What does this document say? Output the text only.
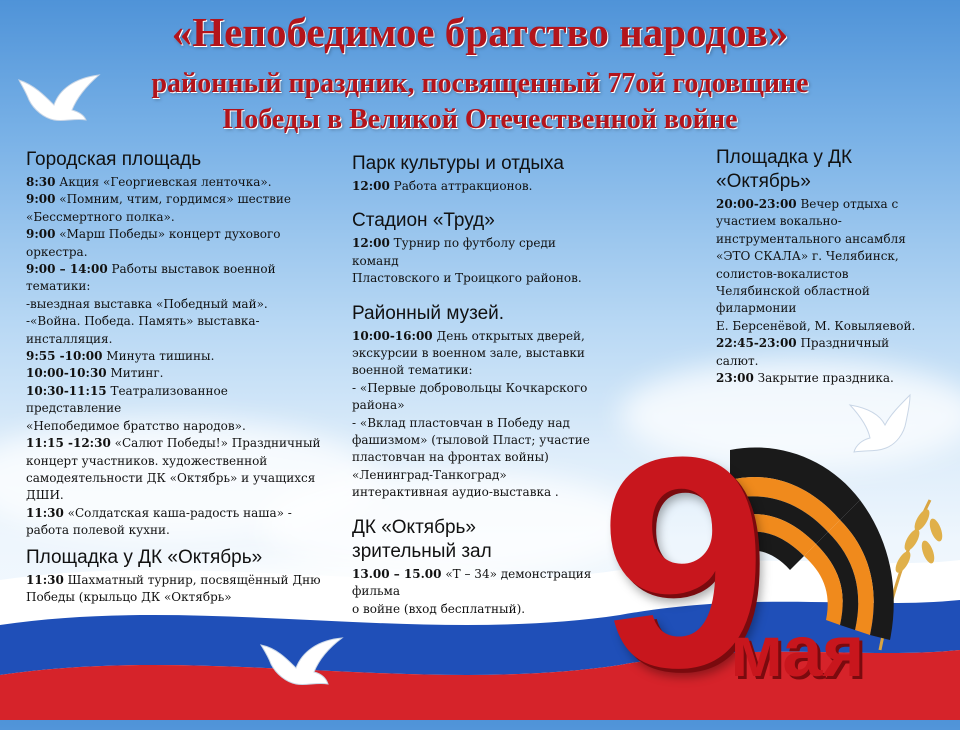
«Непобедимое братство народов»
районный праздник, посвященный 77ой годовщине
Победы в Великой Отечественной войне
Городская площадь

8:30 Акция «Георгиевская ленточка».

9:00 «Помним, чтим, гордимся» шествие

«Бессмертного полка».

9:00 «Марш Победы» концерт духового

оркестра.

9:00 – 14:00 Работы выставок военной

тематики:

-выездная выставка «Победный май».

-«Война. Победа. Память» выставка-

инсталляция.

9:55 -10:00 Минута тишины.

10:00-10:30 Митинг.

10:30-11:15 Театрализованное представление

«Непобедимое братство народов».

11:15 -12:30 «Салют Победы!» Праздничный

концерт участников. художественной

самодеятельности ДК «Октябрь» и учащихся

ДШИ.

11:30 «Солдатская каша-радость наша» -

работа полевой кухни.

Площадка у ДК «Октябрь»

11:30 Шахматный турнир, посвящённый Дню

Победы (крыльцо ДК «Октябрь»

Парк культуры и отдыха

12:00 Работа аттракционов.

Стадион «Труд»

12:00 Турнир по футболу среди команд

Пластовского и Троицкого районов.

Районный музей.

10:00-16:00 День открытых дверей,

экскурсии в военном зале, выставки

военной тематики:

- «Первые добровольцы Кочкарского

района»

- «Вклад пластовчан в Победу над

фашизмом» (тыловой Пласт; участие

пластовчан на фронтах войны)

«Ленинград-Танкоград»

интерактивная аудио-выставка .

ДК «Октябрь»
зрительный зал

13.00 – 15.00 «Т – 34» демонстрация

фильма

о войне (вход бесплатный).

Площадка у ДК
«Октябрь»

20:00-23:00 Вечер отдыха с

участием вокально-

инструментального ансамбля

«ЭТО СКАЛА» г. Челябинск,

солистов-вокалистов

Челябинской областной

филармонии

Е. Берсенёвой, М. Ковыляевой.

22:45-23:00 Праздничный

салют.

23:00 Закрытие праздника.

9
мая
